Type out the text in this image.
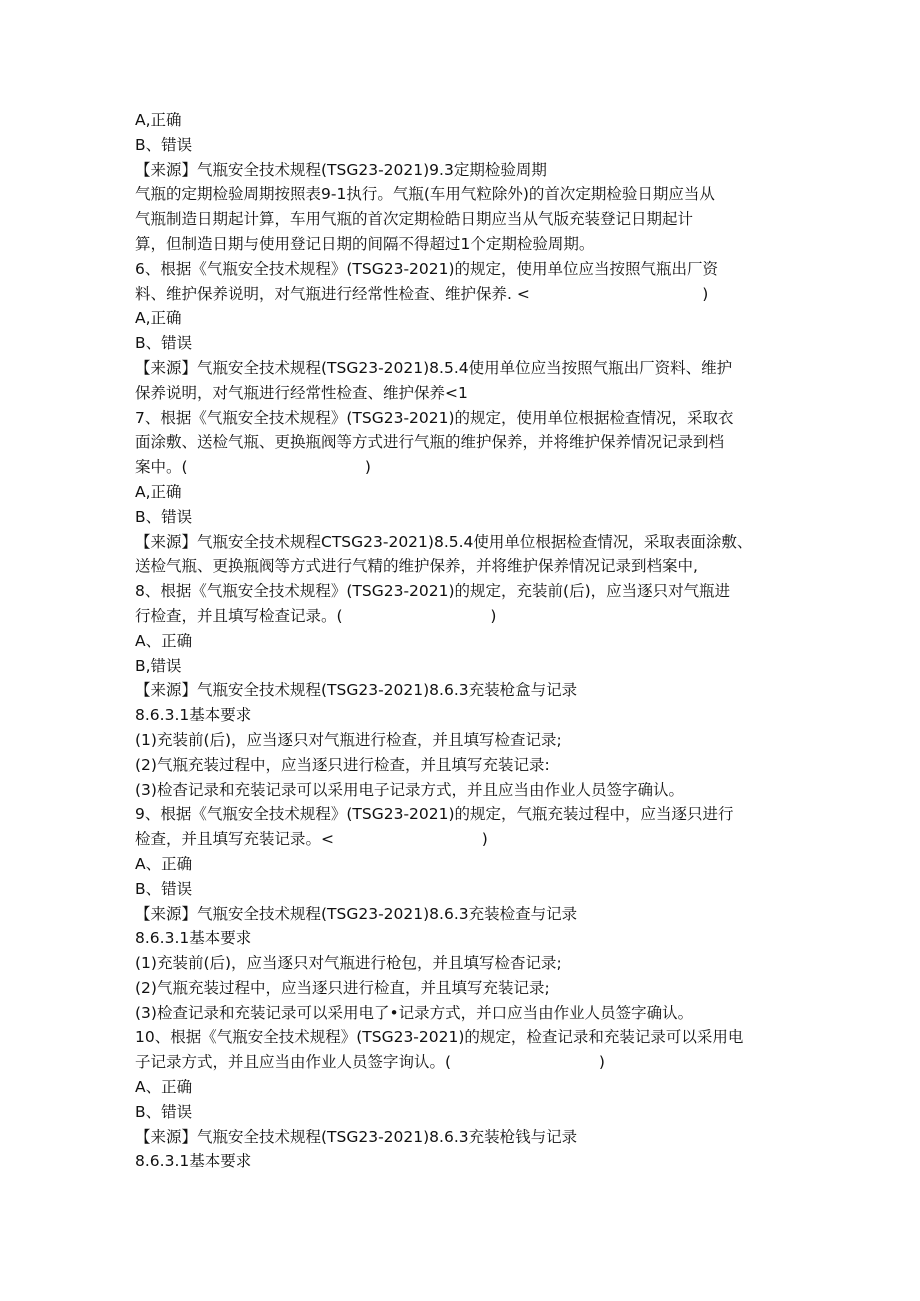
A,正确
B、错误
【来源】气瓶安全技术规程(TSG23-2021)9.3定期检验周期
气瓶的定期检验周期按照表9-1执行。气瓶(车用气粒除外)的首次定期检验日期应当从
气瓶制造日期起计算，车用气瓶的首次定期检皓日期应当从气版充装登记日期起计
算，但制造日期与使用登记日期的间隔不得超过1个定期检验周期。
6、根据《气瓶安全技术规程》(TSG23-2021)的规定，使用单位应当按照气瓶出厂资
料、维护保养说明，对气瓶进行经常性检查、维护保养. <                                   )
A,正确
B、错误
【来源】气瓶安全技术规程(TSG23-2021)8.5.4使用单位应当按照气瓶出厂资料、维护
保养说明，对气瓶进行经常性检查、维护保养<1
7、根据《气瓶安全技术规程》(TSG23-2021)的规定，使用单位根据检查情况，采取衣
面涂敷、送检气瓶、更换瓶阀等方式进行气瓶的维护保养，并将维护保养情况记录到档
案中。(                                    )
A,正确
B、错误
【来源】气瓶安全技术规程CTSG23-2021)8.5.4使用单位根据检查情况，采取表面涂敷、
送检气瓶、更换瓶阀等方式进行气精的维护保养，并将维护保养情况记录到档案中,
8、根据《气瓶安全技术规程》(TSG23-2021)的规定，充装前(后)，应当逐只对气瓶进
行检查，并且填写检查记录。(                              )
A、正确
B,错误
【来源】气瓶安全技术规程(TSG23-2021)8.6.3充装枪盒与记录
8.6.3.1基本要求
(1)充装前(后)，应当逐只对气瓶进行检查，并且填写检查记录;
(2)气瓶充装过程中，应当逐只进行检查，并且填写充装记录:
(3)检杳记录和充装记录可以采用电子记录方式，并且应当由作业人员签字确认。
9、根据《气瓶安全技术规程》(TSG23-2021)的规定，气瓶充装过程中，应当逐只进行
检查，并且填写充装记录。<                              )
A、正确
B、错误
【来源】气瓶安全技术规程(TSG23-2021)8.6.3充装检查与记录
8.6.3.1基本要求
(1)充装前(后)，应当逐只对气瓶进行枪包，并且填写检杳记录;
(2)气瓶充装过程中，应当逐只进行检直，并且填写充装记录;
(3)检查记录和充装记录可以采用电了•记录方式，并口应当由作业人员签字确认。
10、根据《气瓶安全技术规程》(TSG23-2021)的规定，检查记录和充装记录可以采用电
子记录方式，并且应当由作业人员签字询认。(                              )
A、正确
B、错误
【来源】气瓶安全技术规程(TSG23-2021)8.6.3充装枪钱与记录
8.6.3.1基本要求
